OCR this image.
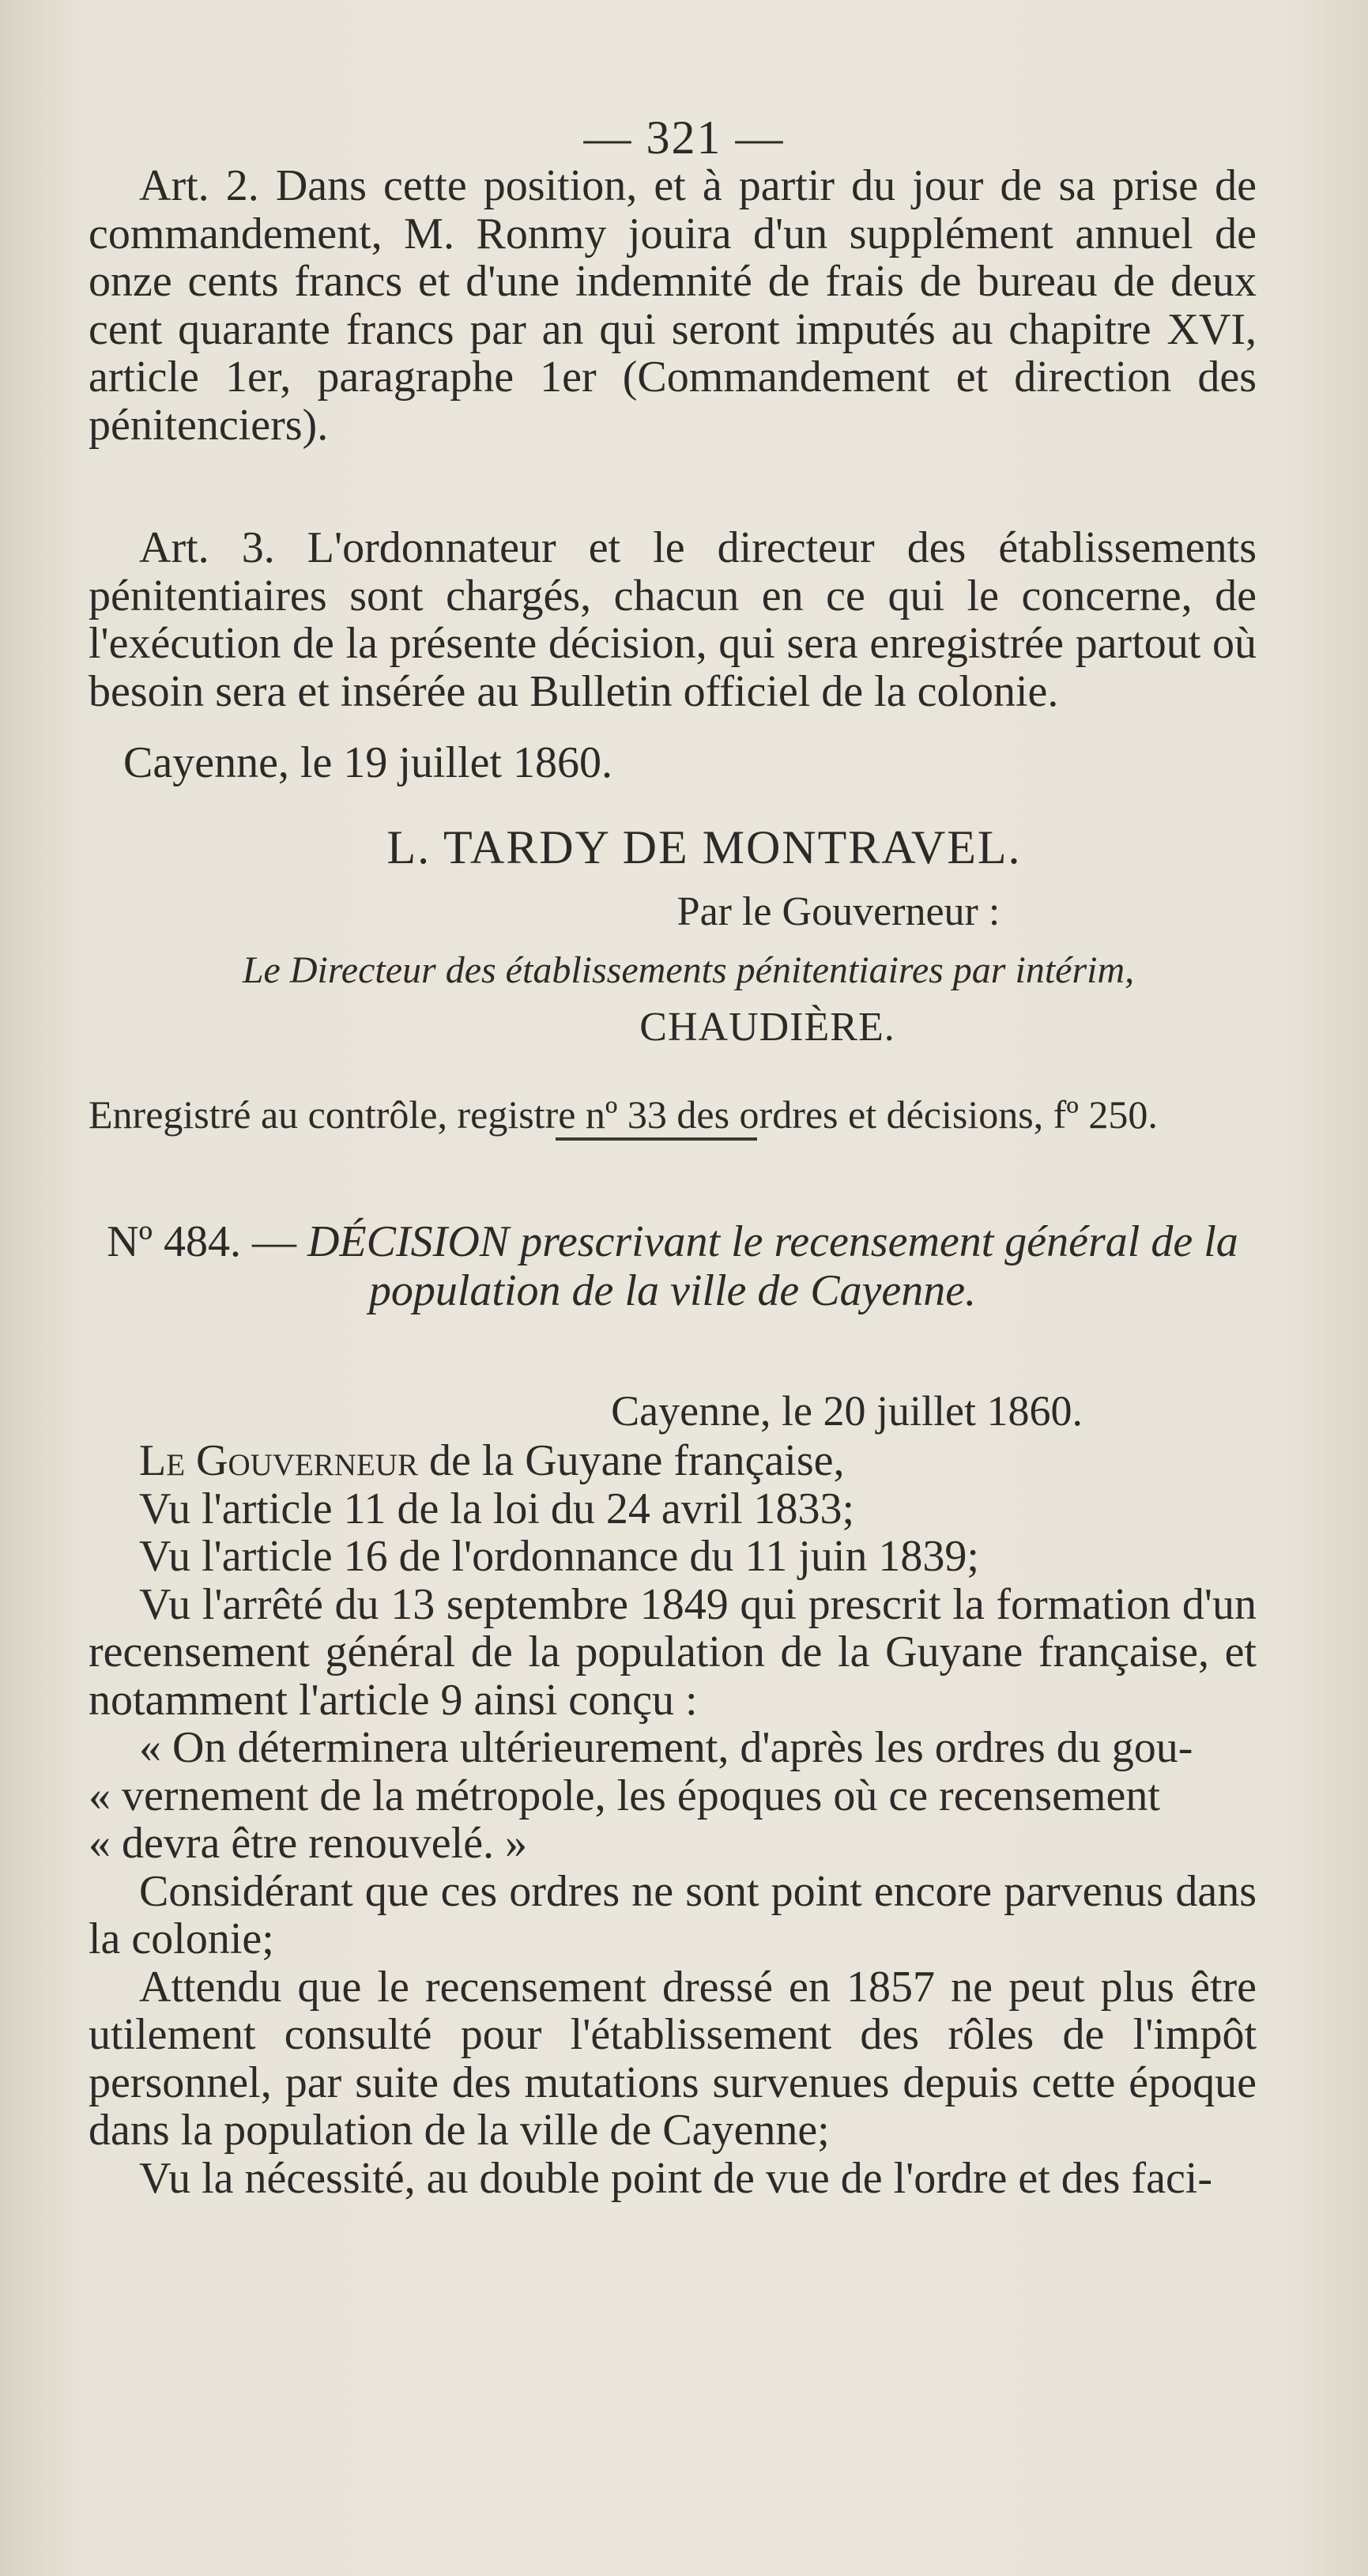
— 321 —

Art. 2. Dans cette position, et à partir du jour de sa prise de commandement, M. Ronmy jouira d'un supplément annuel de onze cents francs et d'une indemnité de frais de bureau de deux cent quarante francs par an qui seront imputés au chapitre XVI, article 1er, paragraphe 1er (Commandement et direction des pénitenciers).

Art. 3. L'ordonnateur et le directeur des établissements pénitentiaires sont chargés, chacun en ce qui le concerne, de l'exécution de la présente décision, qui sera enregistrée partout où besoin sera et insérée au Bulletin officiel de la colonie.

Cayenne, le 19 juillet 1860.
L. TARDY DE MONTRAVEL.
Par le Gouverneur :
Le Directeur des établissements pénitentiaires par intérim,
CHAUDIÈRE.

Enregistré au contrôle, registre nº 33 des ordres et décisions, fº 250.

Nº 484. — DÉCISION prescrivant le recensement général de la
population de la ville de Cayenne.
Cayenne, le 20 juillet 1860.

Le Gouverneur de la Guyane française,

Vu l'article 11 de la loi du 24 avril 1833;

Vu l'article 16 de l'ordonnance du 11 juin 1839;

Vu l'arrêté du 13 septembre 1849 qui prescrit la formation d'un recensement général de la population de la Guyane française, et notamment l'article 9 ainsi conçu :

« On déterminera ultérieurement, d'après les ordres du gou-

« vernement de la métropole, les époques où ce recensement

« devra être renouvelé. »

Considérant que ces ordres ne sont point encore parvenus dans la colonie;

Attendu que le recensement dressé en 1857 ne peut plus être utilement consulté pour l'établissement des rôles de l'impôt personnel, par suite des mutations survenues depuis cette époque dans la population de la ville de Cayenne;

Vu la nécessité, au double point de vue de l'ordre et des faci-
